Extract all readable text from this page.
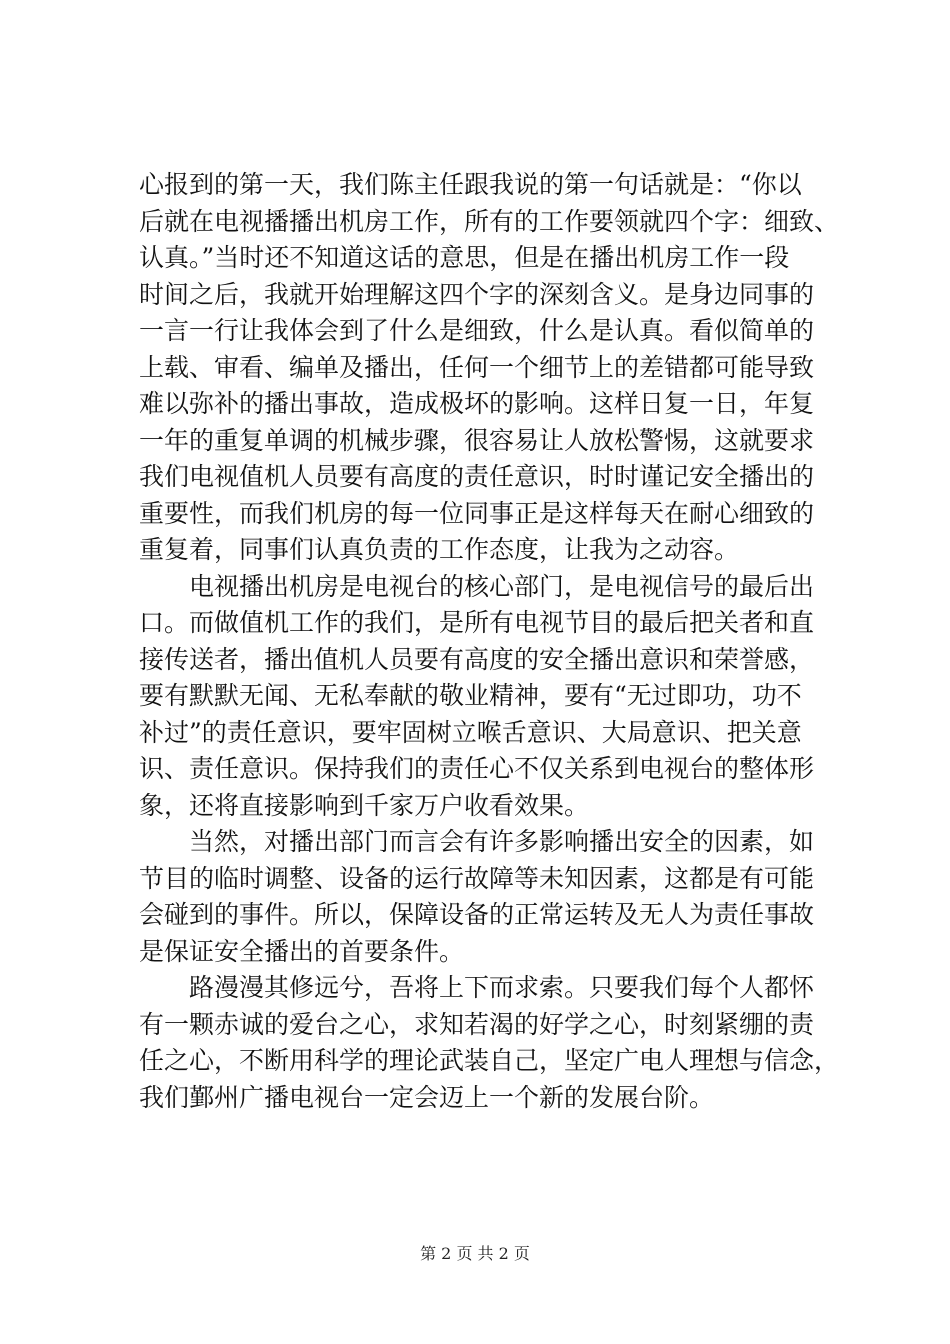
心报到的第一天，我们陈主任跟我说的第一句话就是：“你以
后就在电视播播出机房工作，所有的工作要领就四个字：细致、
认真。”当时还不知道这话的意思，但是在播出机房工作一段
时间之后，我就开始理解这四个字的深刻含义。是身边同事的
一言一行让我体会到了什么是细致，什么是认真。看似简单的
上载、审看、编单及播出，任何一个细节上的差错都可能导致
难以弥补的播出事故，造成极坏的影响。这样日复一日，年复
一年的重复单调的机械步骤，很容易让人放松警惕，这就要求
我们电视值机人员要有高度的责任意识，时时谨记安全播出的
重要性，而我们机房的每一位同事正是这样每天在耐心细致的
重复着，同事们认真负责的工作态度，让我为之动容。
电视播出机房是电视台的核心部门，是电视信号的最后出
口。而做值机工作的我们，是所有电视节目的最后把关者和直
接传送者，播出值机人员要有高度的安全播出意识和荣誉感，
要有默默无闻、无私奉献的敬业精神，要有“无过即功，功不
补过”的责任意识，要牢固树立喉舌意识、大局意识、把关意
识、责任意识。保持我们的责任心不仅关系到电视台的整体形
象，还将直接影响到千家万户收看效果。
当然，对播出部门而言会有许多影响播出安全的因素，如
节目的临时调整、设备的运行故障等未知因素，这都是有可能
会碰到的事件。所以，保障设备的正常运转及无人为责任事故
是保证安全播出的首要条件。
路漫漫其修远兮，吾将上下而求索。只要我们每个人都怀
有一颗赤诚的爱台之心，求知若渴的好学之心，时刻紧绷的责
任之心，不断用科学的理论武装自己，坚定广电人理想与信念，
我们鄞州广播电视台一定会迈上一个新的发展台阶。
第 2 页 共 2 页
